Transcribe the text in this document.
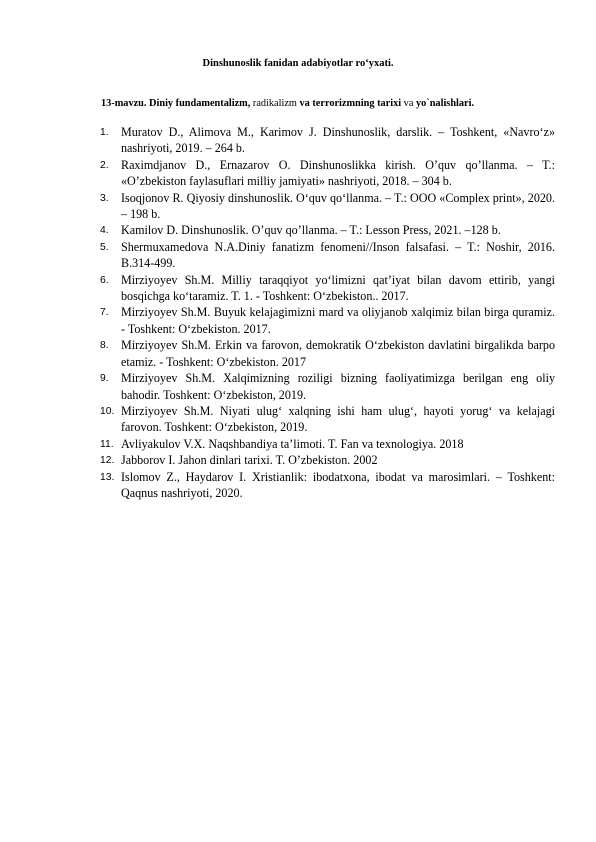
Dinshunoslik fanidan adabiyotlar ro‘yxati.
13-mavzu. Diniy fundamentalizm, radikalizm va terrorizmning tarixi va yo`nalishlari.
1. Muratov D., Alimova M., Karimov J. Dinshunoslik, darslik. – Toshkent, «Navro‘z» nashriyoti, 2019. – 264 b.
2. Raximdjanov D., Ernazarov O. Dinshunoslikka kirish. O’quv qo’llanma. – T.: «O’zbekiston faylasuflari milliy jamiyati» nashriyoti, 2018. – 304 b.
3. Isoqjonov R. Qiyosiy dinshunoslik. O‘quv qo‘llanma. – T.: OOO «Complex print», 2020. – 198 b.
4. Kamilov D. Dinshunoslik. O’quv qo’llanma. – T.: Lesson Press, 2021. –128 b.
5. Shermuxamedova N.A.Diniy fanatizm fenomeni//Inson falsafasi. – T.: Noshir, 2016. B.314-499.
6. Mirziyoyev Sh.M. Milliy taraqqiyot yo‘limizni qat’iyat bilan davom ettirib, yangi bosqichga ko‘taramiz. T. 1. - Toshkent: O‘zbekiston.. 2017.
7. Mirziyoyev Sh.M. Buyuk kelajagimizni mard va oliyjanob xalqimiz bilan birga quramiz. - Toshkent: O‘zbekiston. 2017.
8. Mirziyoyev Sh.M. Erkin va farovon, demokratik O‘zbekiston davlatini birgalikda barpo etamiz. - Toshkent: O‘zbekiston. 2017
9. Mirziyoyev Sh.M. Xalqimizning roziligi bizning faoliyatimizga berilgan eng oliy bahodir. Toshkent: O‘zbekiston, 2019.
10. Mirziyoyev Sh.M. Niyati ulug‘ xalqning ishi ham ulug‘, hayoti yorug‘ va kelajagi farovon. Toshkent: O‘zbekiston, 2019.
11. Avliyakulov V.X. Naqshbandiya ta’limoti. T. Fan va texnologiya. 2018
12. Jabborov I. Jahon dinlari tarixi. T. O’zbekiston. 2002
13. Islomov Z., Haydarov I. Xristianlik: ibodatxona, ibodat va marosimlari. – Toshkent: Qaqnus nashriyoti, 2020.
